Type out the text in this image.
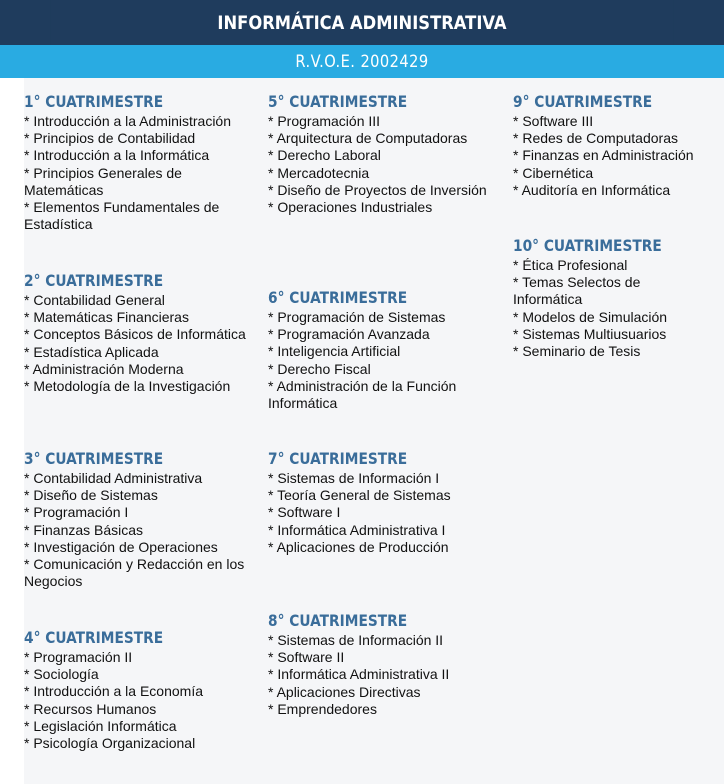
INFORMÁTICA ADMINISTRATIVA
R.V.O.E. 2002429
1° CUATRIMESTRE
* Introducción a la Administración
* Principios de Contabilidad
* Introducción a la Informática
* Principios Generales de Matemáticas
* Elementos Fundamentales de Estadística
2° CUATRIMESTRE
* Contabilidad General
* Matemáticas Financieras
* Conceptos Básicos de Informática
* Estadística Aplicada
* Administración Moderna
* Metodología de la Investigación
3° CUATRIMESTRE
* Contabilidad Administrativa
* Diseño de Sistemas
* Programación I
* Finanzas Básicas
* Investigación de Operaciones
* Comunicación y Redacción en los Negocios
4° CUATRIMESTRE
* Programación II
* Sociología
* Introducción a la Economía
* Recursos Humanos
* Legislación Informática
* Psicología Organizacional
5° CUATRIMESTRE
* Programación III
* Arquitectura de Computadoras
* Derecho Laboral
* Mercadotecnia
* Diseño de Proyectos de Inversión
* Operaciones Industriales
6° CUATRIMESTRE
* Programación de Sistemas
* Programación Avanzada
* Inteligencia Artificial
* Derecho Fiscal
* Administración de la Función Informática
7° CUATRIMESTRE
* Sistemas de Información I
* Teoría General de Sistemas
* Software I
* Informática Administrativa I
* Aplicaciones de Producción
8° CUATRIMESTRE
* Sistemas de Información II
* Software II
* Informática Administrativa II
* Aplicaciones Directivas
* Emprendedores
9° CUATRIMESTRE
* Software III
* Redes de Computadoras
* Finanzas en Administración
* Cibernética
* Auditoría en Informática
10° CUATRIMESTRE
* Ética Profesional
* Temas Selectos de Informática
* Modelos de Simulación
* Sistemas Multiusuarios
* Seminario de Tesis
